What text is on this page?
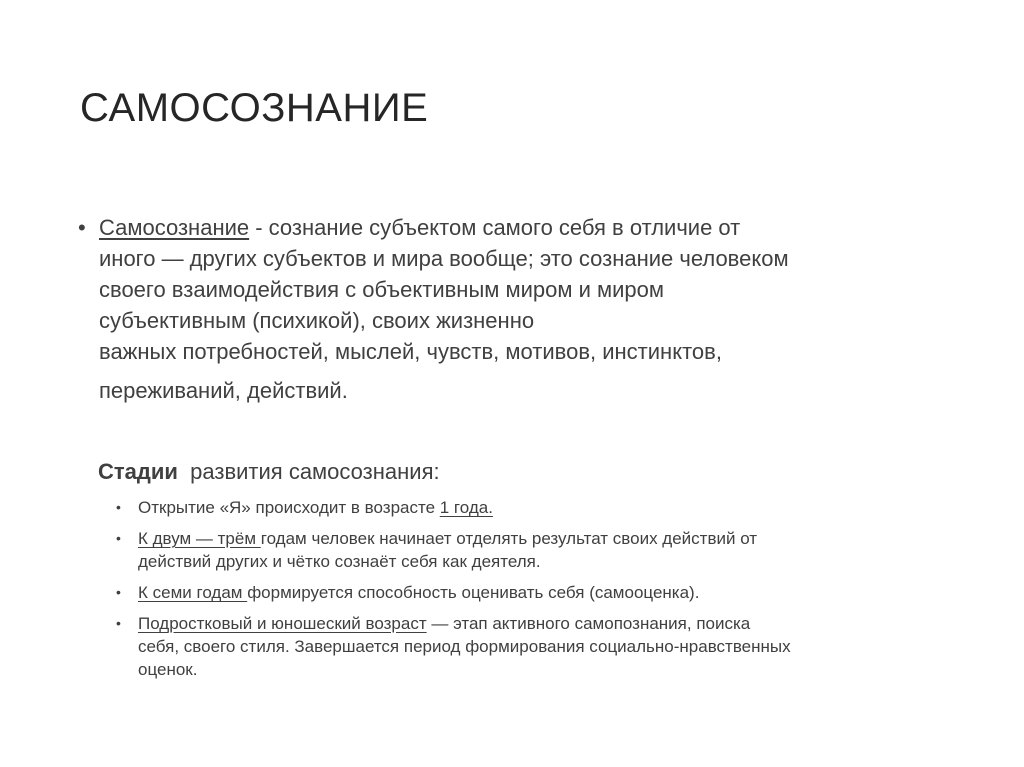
САМОСОЗНАНИЕ
• Самосознание - сознание субъектом самого себя в отличие от
иного — других субъектов и мира вообще; это сознание человеком
своего взаимодействия с объективным миром и миром
субъективным (психикой), своих жизненно
важных потребностей, мыслей, чувств, мотивов, инстинктов,
переживаний, действий.
Стадии  развития самосознания:
• Открытие «Я» происходит в возрасте 1 года.
• К двум — трём годам человек начинает отделять результат своих действий от
действий других и чётко сознаёт себя как деятеля.
• К семи годам формируется способность оценивать себя (самооценка).
• Подростковый и юношеский возраст — этап активного самопознания, поиска
себя, своего стиля. Завершается период формирования социально-нравственных
оценок.
